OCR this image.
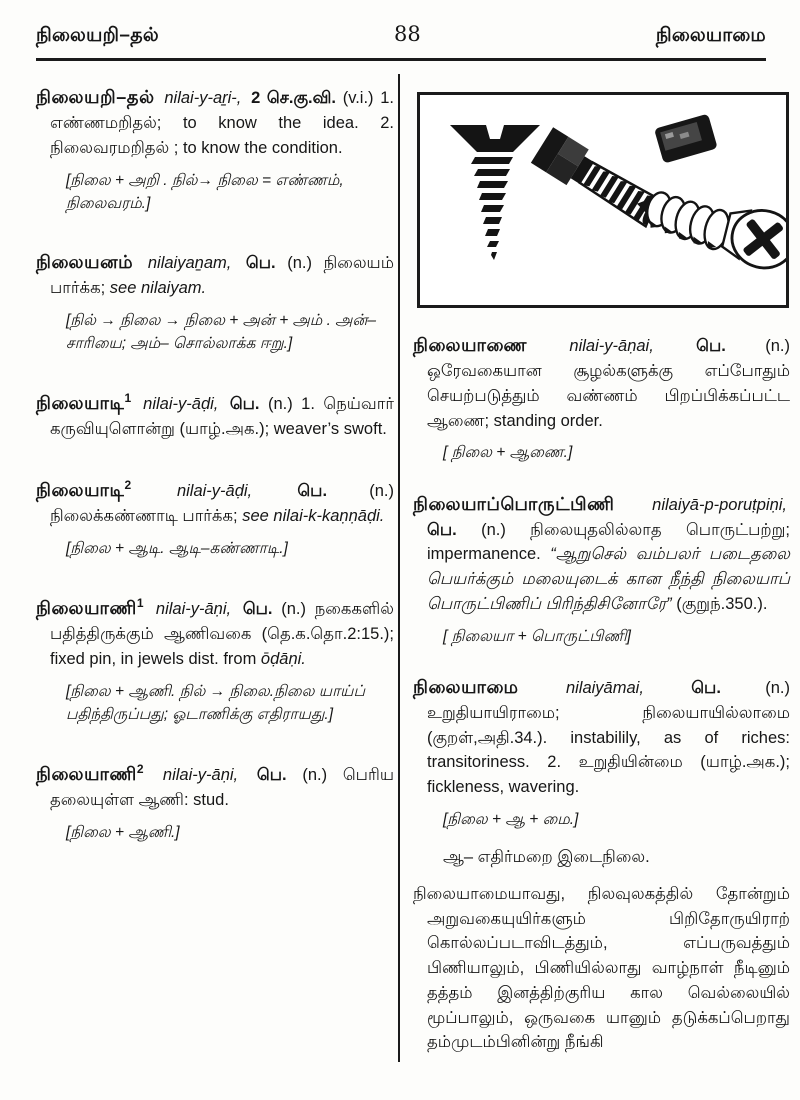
நிலையறி–தல்	88	நிலையாமை
நிலையறி–தல் nilai-y-aṟi-, 2 செ.கு.வி. (v.i.) 1. எண்ணமறிதல்; to know the idea. 2. நிலைவரமறிதல் ; to know the condition.
[நிலை + அறி . நில்→ நிலை = எண்ணம், நிலைவரம்.]
நிலையனம் nilaiyaṉam, பெ. (n.) நிலையம் பார்க்க; see nilaiyam.
[நில் → நிலை → நிலை + அன் + அம் . அன்–சாரியை; அம்– சொல்லாக்க ஈறு.]
நிலையாடி$^1$ nilai-y-āḍi, பெ. (n.) 1. நெய்வார் கருவியுளொன்று (யாழ்.அக.); weaver’s swoft.
நிலையாடி$^2$	nilai-y-āḍi,	பெ.	(n.) நிலைக்கண்ணாடி பார்க்க; see nilai-k-kaṇṇāḍi.
[நிலை + ஆடி. ஆடி–கண்ணாடி.]
நிலையாணி$^1$ nilai-y-āṇi, பெ. (n.) நகைகளில் பதித்திருக்கும் ஆணிவகை (தெ.க.தொ.2:15.); fixed pin, in jewels dist. from ōḍāṇi.
[நிலை + ஆணி. நில் → நிலை.நிலை யாய்ப் பதிந்திருப்பது; ஓடாணிக்கு எதிராயது.]
நிலையாணி$^2$ nilai-y-āṇi, பெ. (n.) பெரிய தலையுள்ள ஆணி: stud.
[நிலை + ஆணி.]
நிலையாணை	nilai-y-āṇai,	பெ. (n.) ஒரேவகையான சூழல்களுக்கு எப்போதும் செயற்படுத்தும் வண்ணம் பிறப்பிக்கப்பட்ட ஆணை; standing order.
[ நிலை + ஆணை.]
நிலையாப்பொருட்பிணி nilaiyā-p-poruṭpiṇi, பெ. (n.) நிலையுதலில்லாத பொருட்பற்று; impermanence. “ஆறுசெல் வம்பலர் படைதலை பெயர்க்கும் மலையுடைக் கான நீந்தி நிலையாப் பொருட்பிணிப் பிரிந்திசினோரே” (குறுந்.350.).
[ நிலையா + பொருட்பிணி]
நிலையாமை	nilaiyāmai,	பெ.	(n.) உறுதியாயிராமை; நிலையாயில்லாமை (குறள்,அதி.34.). instabilily, as of riches: transitoriness. 2. உறுதியின்மை (யாழ்.அக.); fickleness, wavering.
[நிலை + ஆ + மை.]
ஆ– எதிர்மறை இடைநிலை.
நிலையாமையாவது, நிலவுலகத்தில் தோன்றும் அறுவகையுயிர்களும் பிறிதோருயிராற் கொல்லப்படாவிடத்தும், எப்பருவத்தும் பிணியாலும், பிணியில்லாது வாழ்நாள் நீடினும் தத்தம் இனத்திற்குரிய கால வெல்லையில் மூப்பாலும், ஒருவகை யானும் தடுக்கப்பெறாது தம்முடம்பினின்று நீங்கி
